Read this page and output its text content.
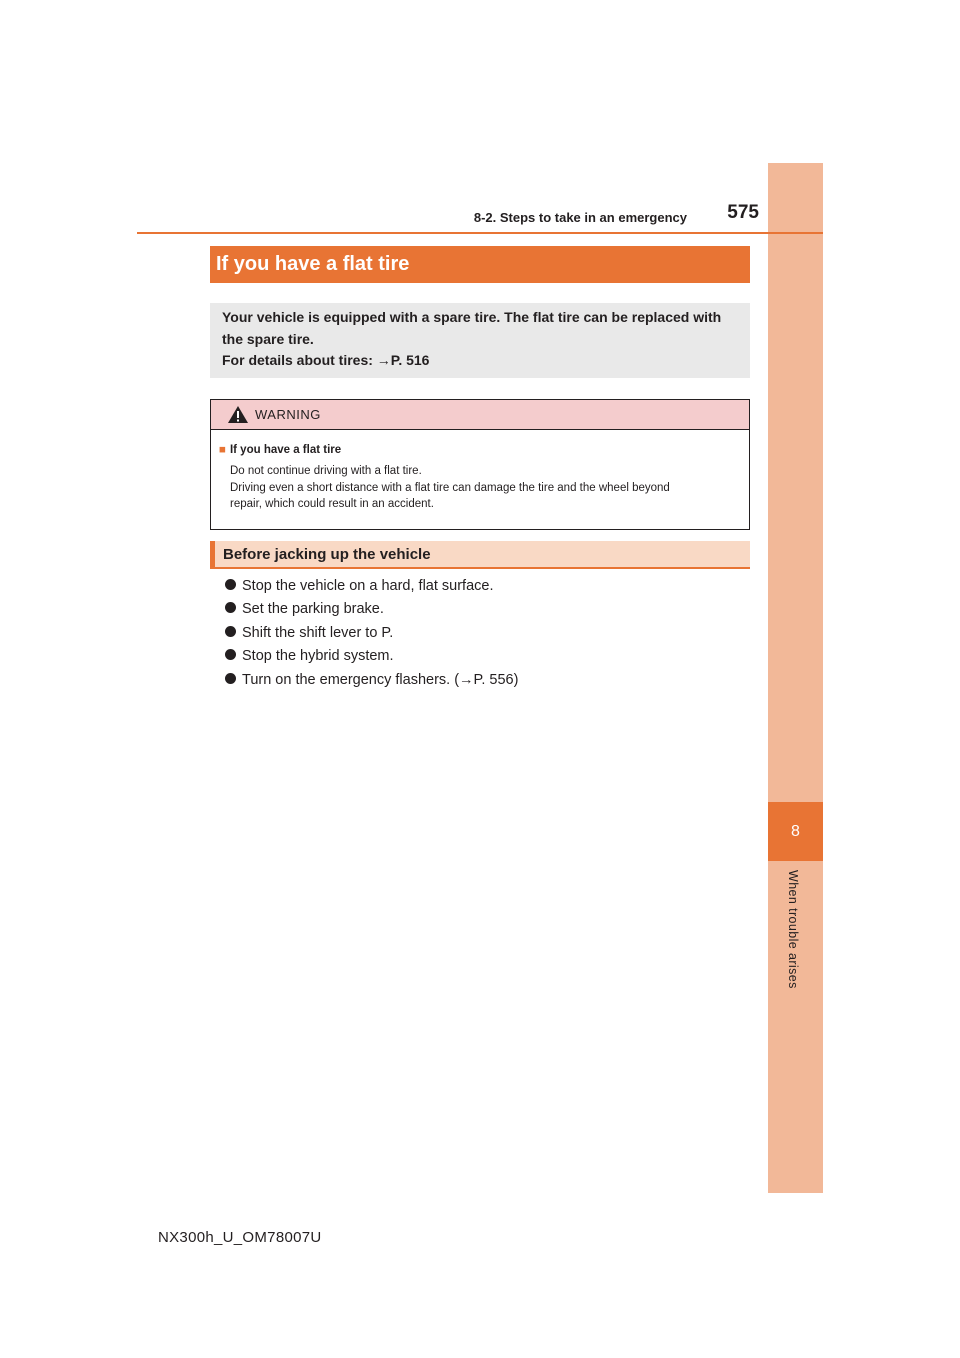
8
When trouble arises
8-2. Steps to take in an emergency	575
If you have a flat tire
Your vehicle is equipped with a spare tire. The flat tire can be replaced with
the spare tire.
For details about tires: →P. 516
WARNING
■ If you have a flat tire
Do not continue driving with a flat tire.
Driving even a short distance with a flat tire can damage the tire and the wheel beyond
repair, which could result in an accident.
Before jacking up the vehicle
Stop the vehicle on a hard, flat surface.
Set the parking brake.
Shift the shift lever to P.
Stop the hybrid system.
Turn on the emergency flashers. (→P. 556)
NX300h_U_OM78007U
